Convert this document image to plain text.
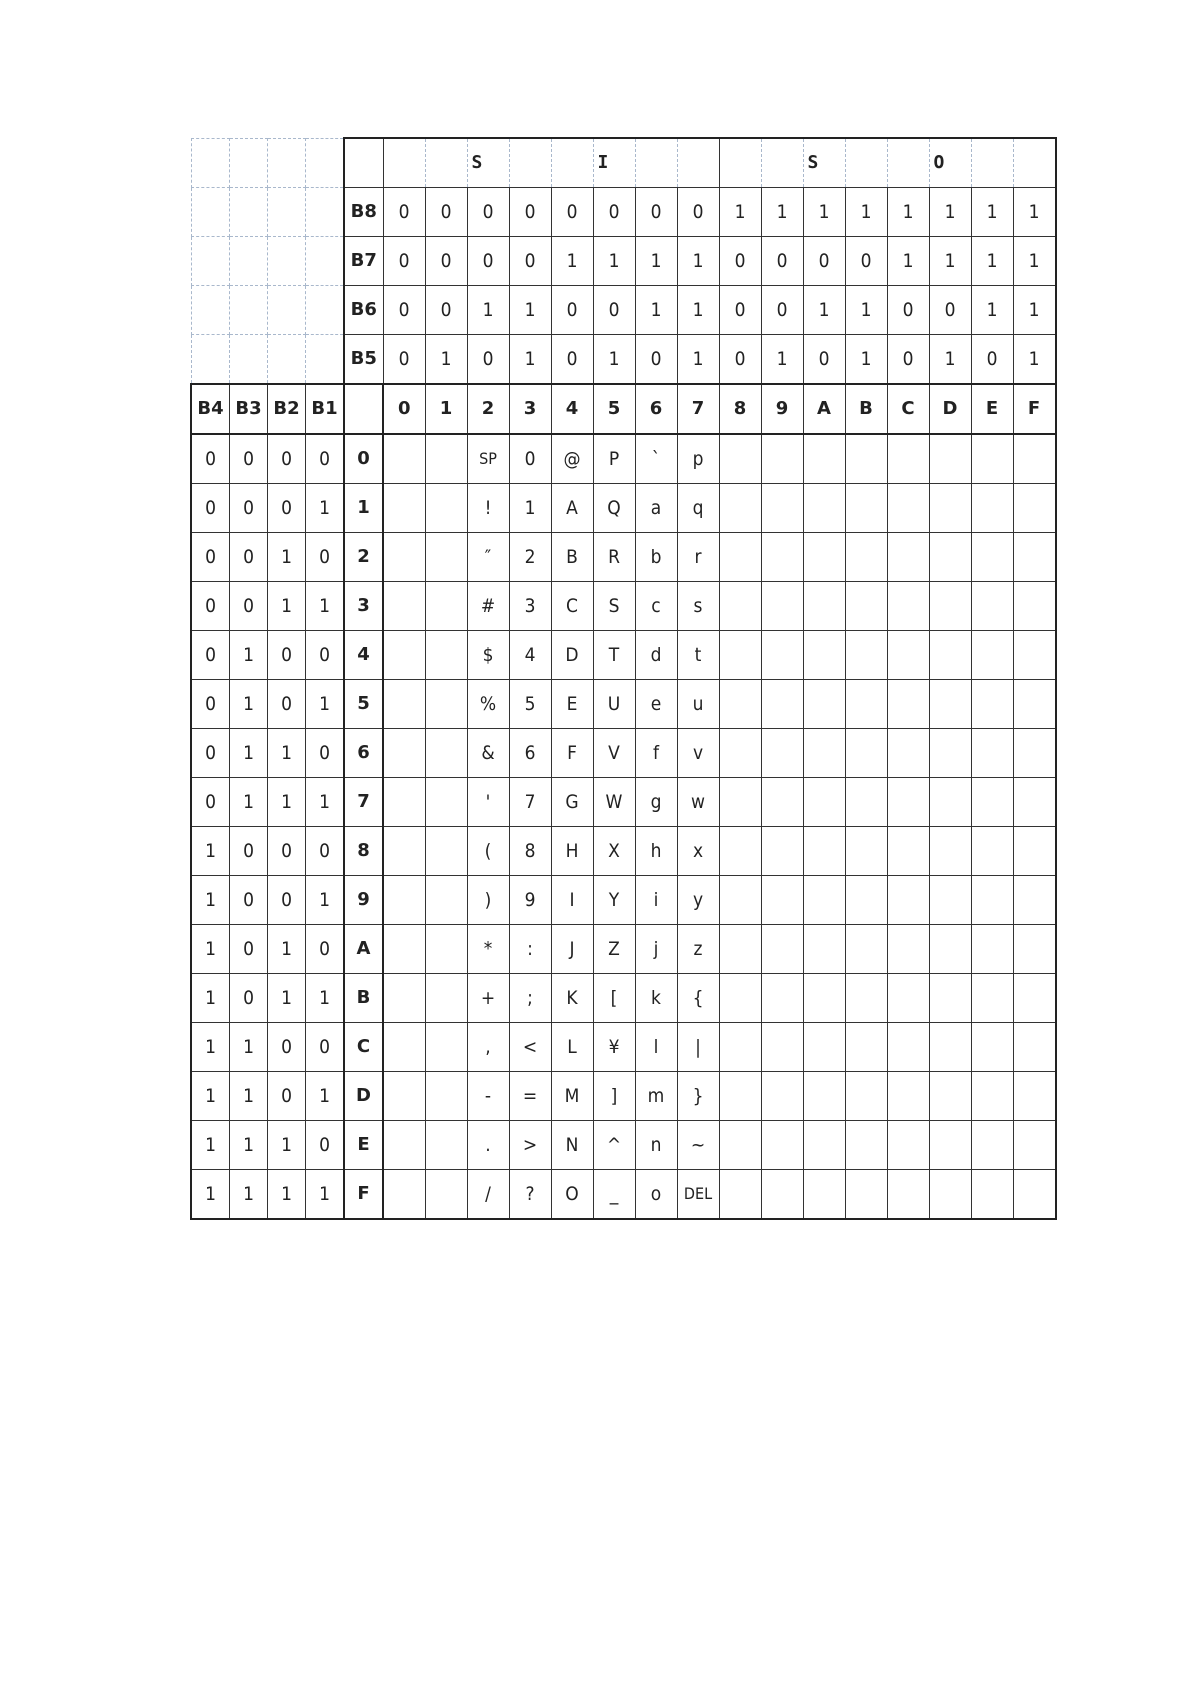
							S			I					S			O		
				B8	0	0	0	0	0	0	0	0	1	1	1	1	1	1	1	1
				B7	0	0	0	0	1	1	1	1	0	0	0	0	1	1	1	1
				B6	0	0	1	1	0	0	1	1	0	0	1	1	0	0	1	1
				B5	0	1	0	1	0	1	0	1	0	1	0	1	0	1	0	1
B4	B3	B2	B1		0	1	2	3	4	5	6	7	8	9	A	B	C	D	E	F
0	0	0	0	0			SP	0	@	P	`	p								
0	0	0	1	1			!	1	A	Q	a	q								
0	0	1	0	2			″	2	B	R	b	r								
0	0	1	1	3			#	3	C	S	c	s								
0	1	0	0	4			$	4	D	T	d	t								
0	1	0	1	5			%	5	E	U	e	u								
0	1	1	0	6			&	6	F	V	f	v								
0	1	1	1	7			'	7	G	W	g	w								
1	0	0	0	8			(	8	H	X	h	x								
1	0	0	1	9			)	9	I	Y	i	y								
1	0	1	0	A			*	:	J	Z	j	z								
1	0	1	1	B			+	;	K	[	k	{								
1	1	0	0	C			,	<	L	¥	l	|								
1	1	0	1	D			-	=	M	]	m	}								
1	1	1	0	E			.	>	N	^	n	~								
1	1	1	1	F			/	?	O	_	o	DEL								
